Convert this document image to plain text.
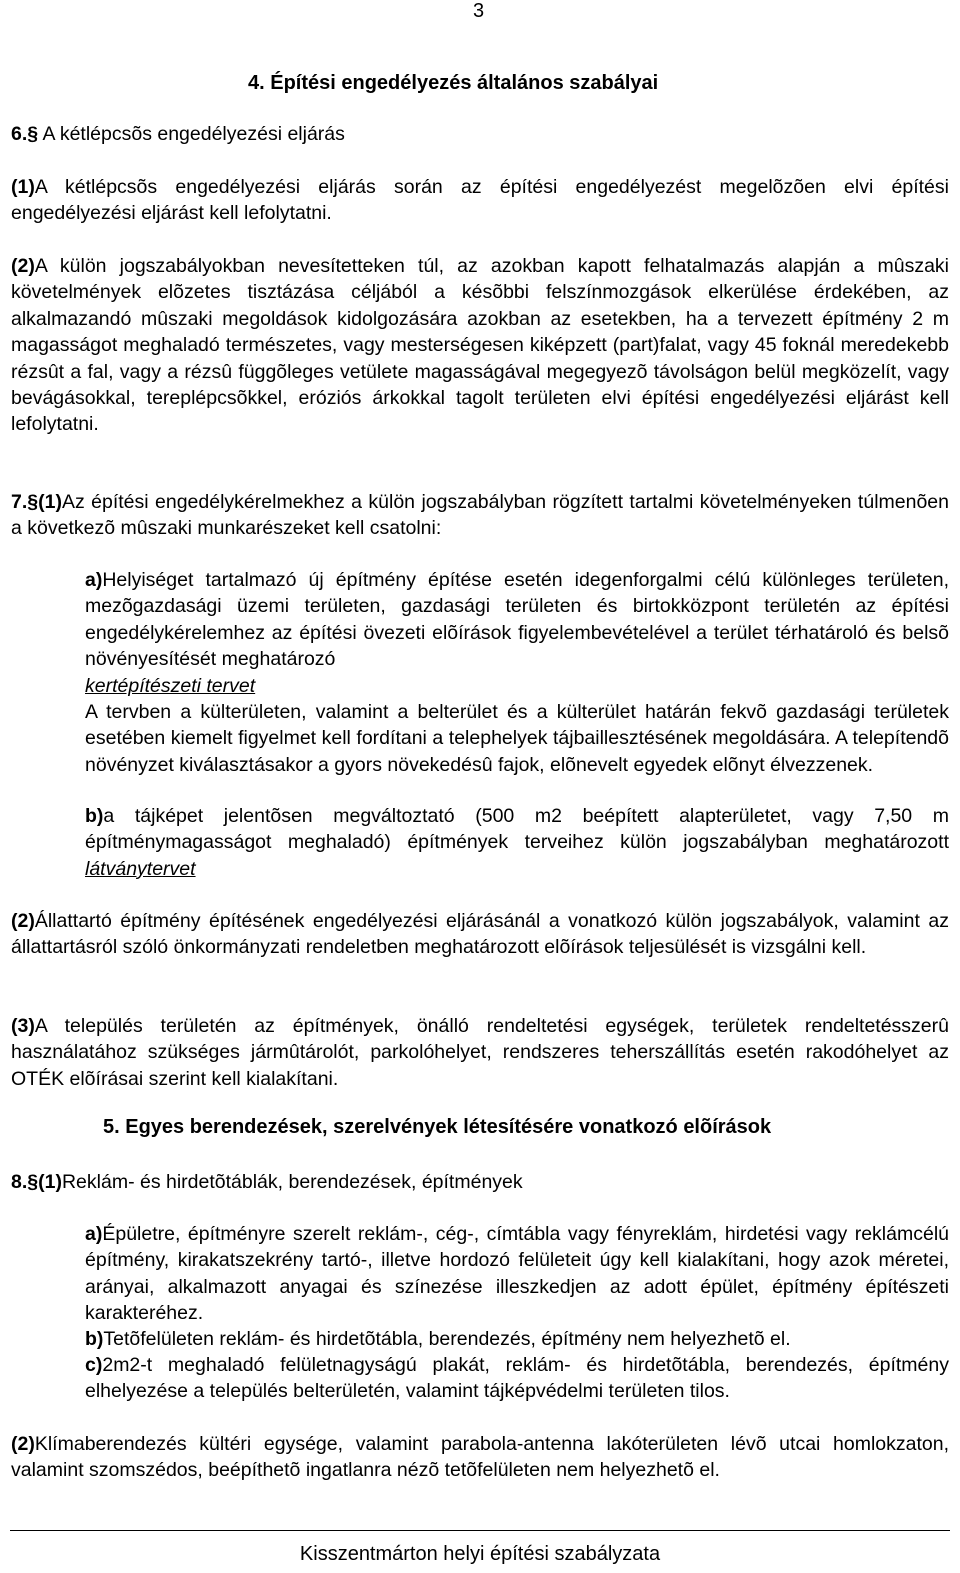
3
4. Építési engedélyezés általános szabályai
6.§ A kétlépcsõs engedélyezési eljárás
(1)A kétlépcsõs engedélyezési eljárás során az építési engedélyezést megelõzõen elvi építési engedélyezési eljárást kell lefolytatni.
(2)A külön jogszabályokban nevesítetteken túl, az azokban kapott felhatalmazás alapján a mûszaki követelmények elõzetes tisztázása céljából a késõbbi felszínmozgások elkerülése érdekében, az alkalmazandó mûszaki megoldások kidolgozására azokban az esetekben, ha a tervezett építmény 2 m magasságot meghaladó természetes, vagy mesterségesen kiképzett (part)falat, vagy 45 foknál meredekebb rézsût a fal, vagy a rézsû függõleges vetülete magasságával megegyezõ távolságon belül megközelít, vagy bevágásokkal, tereplépcsõkkel, eróziós árkokkal tagolt területen elvi építési engedélyezési eljárást kell lefolytatni.
7.§(1)Az építési engedélykérelmekhez a külön jogszabályban rögzített tartalmi követelményeken túlmenõen a következõ mûszaki munkarészeket kell csatolni:
a)Helyiséget tartalmazó új építmény építése esetén idegenforgalmi célú különleges területen, mezõgazdasági üzemi területen, gazdasági területen és birtokközpont területén az építési engedélykérelemhez az építési övezeti elõírások figyelembevételével a terület térhatároló és belsõ növényesítését meghatározó
kertépítészeti tervet
A tervben a külterületen, valamint a belterület és a külterület határán fekvõ gazdasági területek esetében kiemelt figyelmet kell fordítani a telephelyek tájbaillesztésének megoldására. A telepítendõ növényzet kiválasztásakor a gyors növekedésû fajok, elõnevelt egyedek elõnyt élvezzenek.
b)a tájképet jelentõsen megváltoztató (500 m2 beépített alapterületet, vagy 7,50 m építménymagasságot meghaladó) építmények terveihez külön jogszabályban meghatározott látványtervet
(2)Állattartó építmény építésének engedélyezési eljárásánál a vonatkozó külön jogszabályok, valamint az állattartásról szóló önkormányzati rendeletben meghatározott elõírások teljesülését is vizsgálni kell.
(3)A település területén az építmények, önálló rendeltetési egységek, területek rendeltetésszerû használatához szükséges jármûtárolót, parkolóhelyet, rendszeres teherszállítás esetén rakodóhelyet az OTÉK elõírásai szerint kell kialakítani.
5. Egyes berendezések, szerelvények létesítésére vonatkozó elõírások
8.§(1)Reklám- és hirdetõtáblák, berendezések, építmények
a)Épületre, építményre szerelt reklám-, cég-, címtábla vagy fényreklám, hirdetési vagy reklámcélú építmény, kirakatszekrény tartó-, illetve hordozó felületeit úgy kell kialakítani, hogy azok méretei, arányai, alkalmazott anyagai és színezése illeszkedjen az adott épület, építmény építészeti karakteréhez.
b)Tetõfelületen reklám- és hirdetõtábla, berendezés, építmény nem helyezhetõ el.
c)2m2-t meghaladó felületnagyságú plakát, reklám- és hirdetõtábla, berendezés, építmény elhelyezése a település belterületén, valamint tájképvédelmi területen tilos.
(2)Klímaberendezés kültéri egysége, valamint parabola-antenna lakóterületen lévõ utcai homlokzaton, valamint szomszédos, beépíthetõ ingatlanra nézõ tetõfelületen nem helyezhetõ el.
Kisszentmárton helyi építési szabályzata
